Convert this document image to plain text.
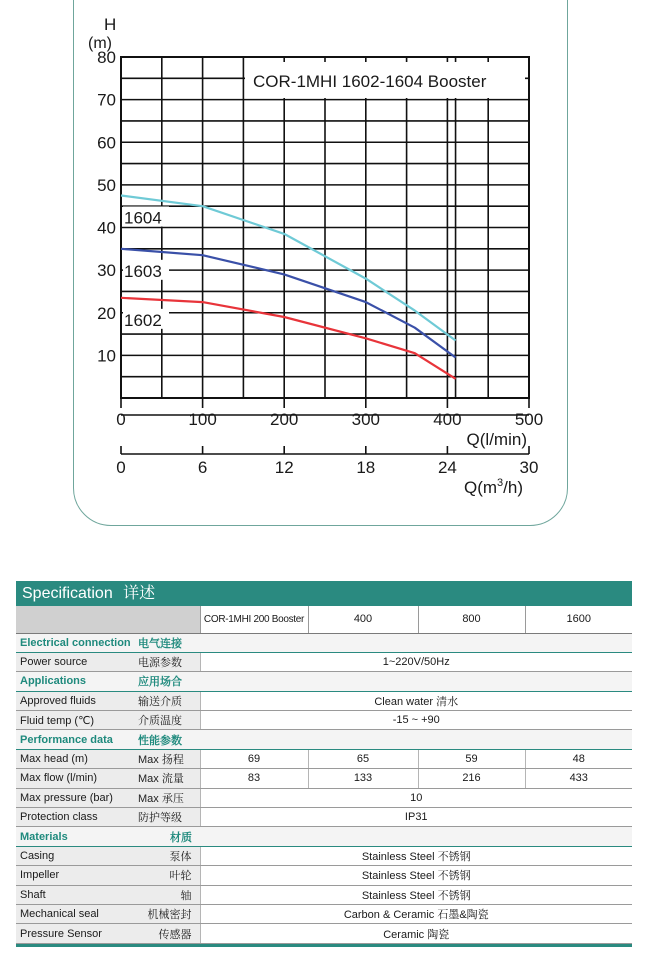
COR-1MHI 1602-1604 Booster
10
20
30
40
50
60
70
80
H
(m)
1604
1603
1602
0	100	200	300	400	500
Q(l/min)
0	6	12	18	24	30
$Q(m^3/h)$
Specification 详述
		COR-1MHI 200 Booster	400	800	1600
Electrical connection	电气连接				
Power source	电源参数	1~220V/50Hz			
Applications	应用场合				
Approved fluids	输送介质	Clean water 清水			
Fluid temp (℃)	介质温度	-15 ~ +90			
Performance data	性能参数				
Max head (m)	Max 扬程	69	65	59	48
Max flow (l/min)	Max 流量	83	133	216	433
Max pressure (bar)	Max 承压	10			
Protection class	防护等级	IP31			
Materials	材质				
Casing	泵体	Stainless Steel 不锈钢			
Impeller	叶轮	Stainless Steel 不锈钢			
Shaft	轴	Stainless Steel 不锈钢			
Mechanical seal	机械密封	Carbon & Ceramic 石墨&陶瓷			
Pressure Sensor	传感器	Ceramic 陶瓷			
